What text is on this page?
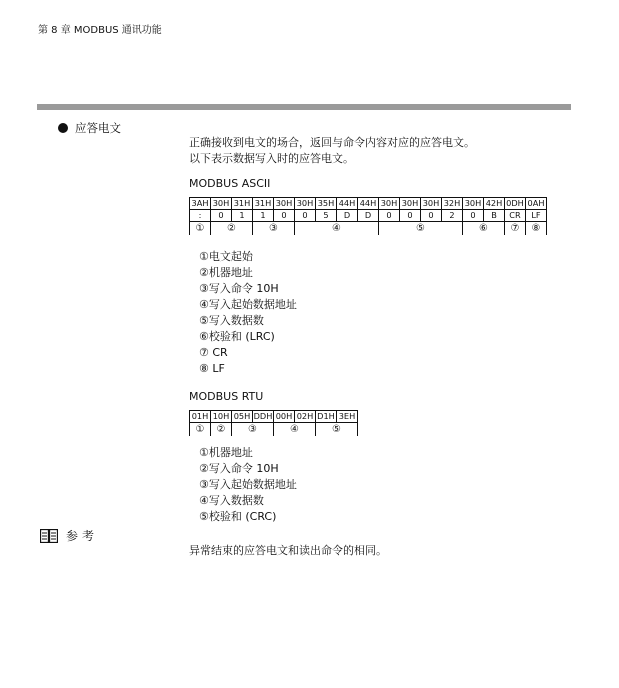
第 8 章 MODBUS 通讯功能
应答电文
正确接收到电文的场合，返回与命令内容对应的应答电文。
以下表示数据写入时的应答电文。
MODBUS ASCII
3AH	30H	31H	31H	30H	30H	35H	44H	44H	30H	30H	30H	32H	30H	42H	0DH	0AH
:	0	1	1	0	0	5	D	D	0	0	0	2	0	B	CR	LF
①	②		③		④				⑤				⑥		⑦	⑧
①电文起始
②机器地址
③写入命令 10H
④写入起始数据地址
⑤写入数据数
⑥校验和 (LRC)
⑦ CR
⑧ LF
MODBUS RTU
01H	10H	05H	DDH	00H	02H	D1H	3EH
①	②	③		④		⑤	
①机器地址
②写入命令 10H
③写入起始数据地址
④写入数据数
⑤校验和 (CRC)
参考
异常结束的应答电文和读出命令的相同。
